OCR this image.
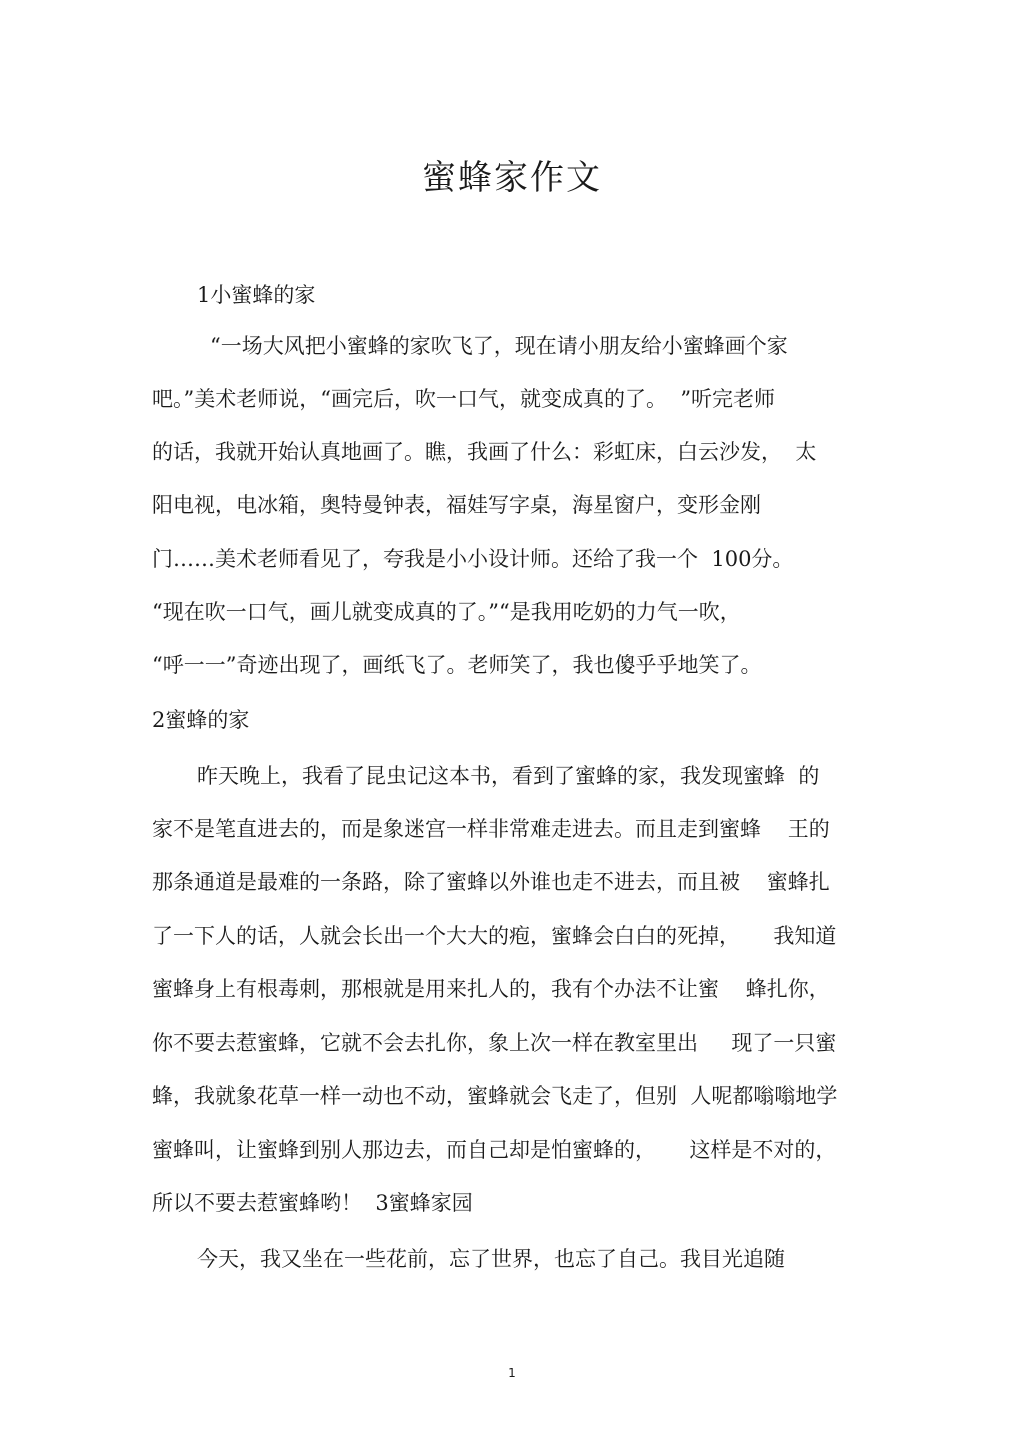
蜜蜂家作文

1小蜜蜂的家

“一场大风把小蜜蜂的家吹飞了，现在请小朋友给小蜜蜂画个家

吧。”美术老师说，“画完后，吹一口气，就变成真的了。  ”听完老师

的话，我就开始认真地画了。瞧，我画了什么：彩虹床，白云沙发，  太

阳电视，电冰箱，奥特曼钟表，福娃写字桌，海星窗户，变形金刚

门……美术老师看见了，夸我是小小设计师。还给了我一个  100分。

“现在吹一口气，画儿就变成真的了。”“是我用吃奶的力气一吹，

“呼一一”奇迹出现了，画纸飞了。老师笑了，我也傻乎乎地笑了。

2蜜蜂的家

昨天晚上，我看了昆虫记这本书，看到了蜜蜂的家，我发现蜜蜂  的

家不是笔直进去的，而是象迷宫一样非常难走进去。而且走到蜜蜂    王的

那条通道是最难的一条路，除了蜜蜂以外谁也走不进去，而且被    蜜蜂扎

了一下人的话，人就会长出一个大大的疱，蜜蜂会白白的死掉，     我知道

蜜蜂身上有根毒刺，那根就是用来扎人的，我有个办法不让蜜    蜂扎你，

你不要去惹蜜蜂，它就不会去扎你，象上次一样在教室里出     现了一只蜜

蜂，我就象花草一样一动也不动，蜜蜂就会飞走了，但别  人呢都嗡嗡地学

蜜蜂叫，让蜜蜂到别人那边去，而自己却是怕蜜蜂的，     这样是不对的，

所以不要去惹蜜蜂哟！  3蜜蜂家园

今天，我又坐在一些花前，忘了世界，也忘了自己。我目光追随

1
